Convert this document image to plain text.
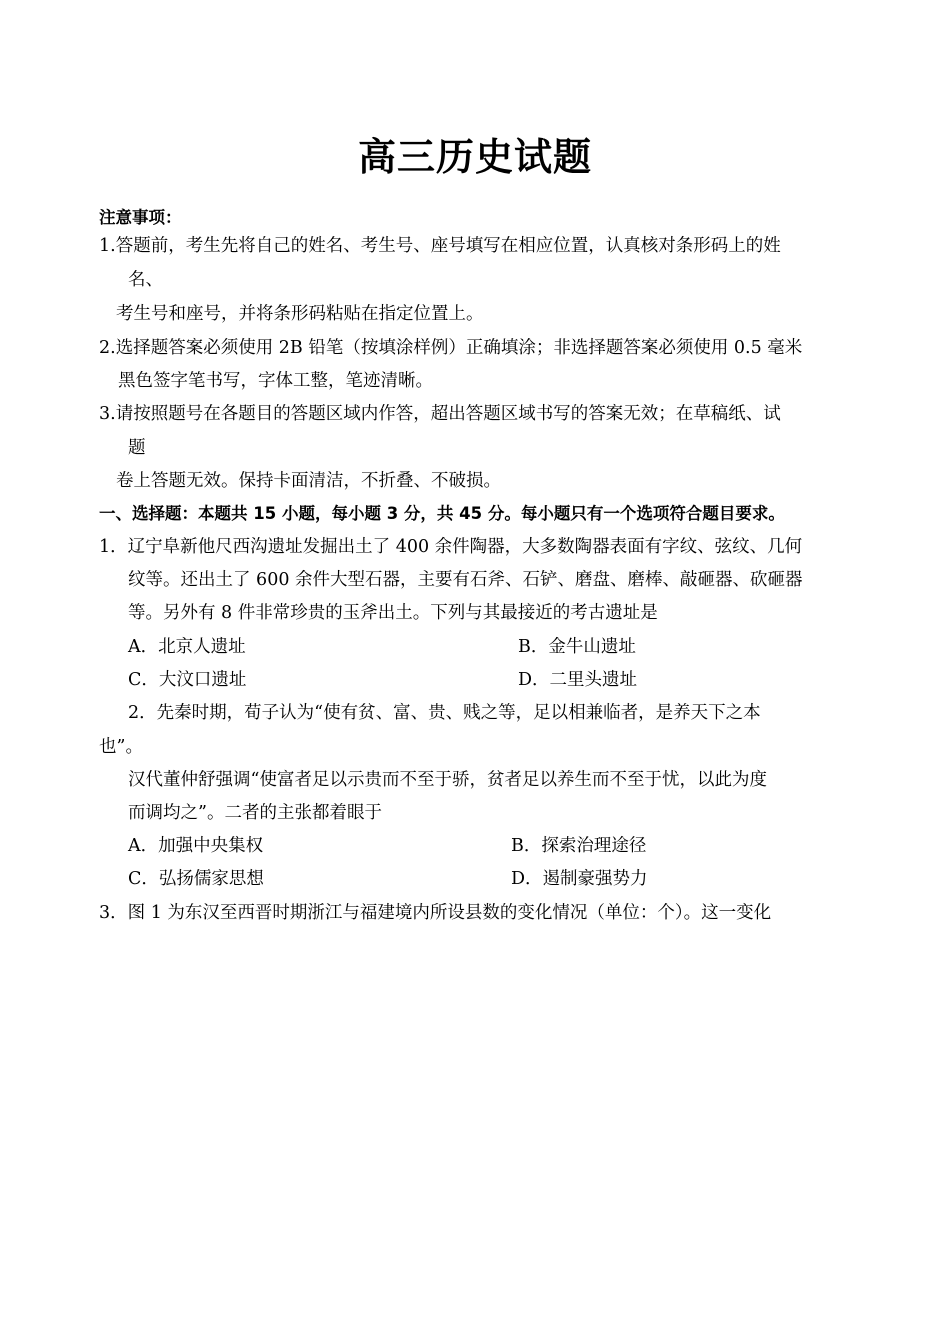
高三历史试题
注意事项：
1.答题前，考生先将自己的姓名、考生号、座号填写在相应位置，认真核对条形码上的姓
名、
考生号和座号，并将条形码粘贴在指定位置上。
2.选择题答案必须使用 2B 铅笔（按填涂样例）正确填涂；非选择题答案必须使用 0.5 毫米
黑色签字笔书写，字体工整，笔迹清晰。
3.请按照题号在各题目的答题区域内作答，超出答题区域书写的答案无效；在草稿纸、试
题
卷上答题无效。保持卡面清洁，不折叠、不破损。
一、选择题：本题共 15 小题，每小题 3 分，共 45 分。每小题只有一个选项符合题目要求。
1．辽宁阜新他尺西沟遗址发掘出土了 400 余件陶器，大多数陶器表面有字纹、弦纹、几何
纹等。还出土了 600 余件大型石器，主要有石斧、石铲、磨盘、磨棒、敲砸器、砍砸器
等。另外有 8 件非常珍贵的玉斧出土。下列与其最接近的考古遗址是
A．北京人遗址	B．金牛山遗址
C．大汶口遗址	D．二里头遗址
2．先秦时期，荀子认为“使有贫、富、贵、贱之等，足以相兼临者，是养天下之本
也”。
汉代董仲舒强调“使富者足以示贵而不至于骄，贫者足以养生而不至于忧，以此为度
而调均之”。二者的主张都着眼于
A．加强中央集权	B．探索治理途径
C．弘扬儒家思想	D．遏制豪强势力
3．图 1 为东汉至西晋时期浙江与福建境内所设县数的变化情况（单位：个）。这一变化
